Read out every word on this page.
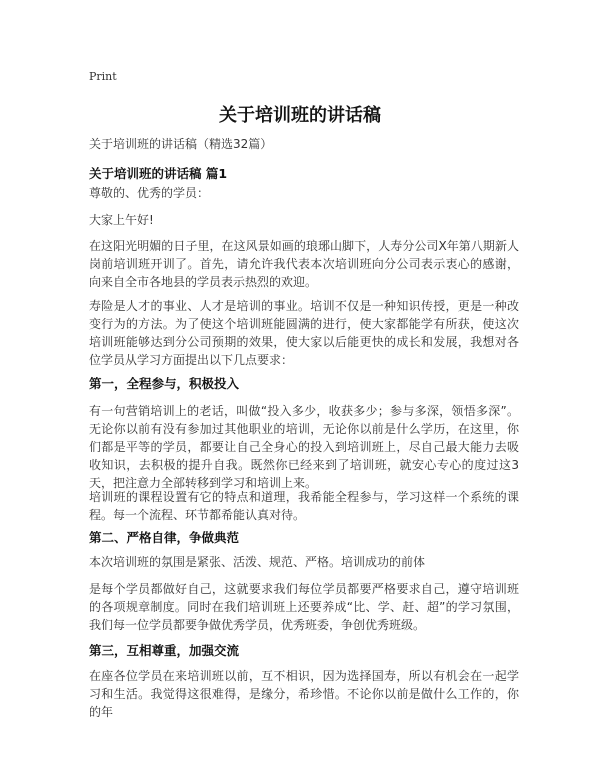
Print
关于培训班的讲话稿
关于培训班的讲话稿（精选32篇）
关于培训班的讲话稿 篇1

尊敬的、优秀的学员：

大家上午好!

在这阳光明媚的日子里，在这风景如画的琅琊山脚下，人寿分公司X年第八期新人岗前培训班开训了。首先，请允许我代表本次培训班向分公司表示衷心的感谢，向来自全市各地县的学员表示热烈的欢迎。

寿险是人才的事业、人才是培训的事业。培训不仅是一种知识传授，更是一种改变行为的方法。为了使这个培训班能圆满的进行，使大家都能学有所获，使这次培训班能够达到分公司预期的效果，使大家以后能更快的成长和发展，我想对各位学员从学习方面提出以下几点要求：

第一，全程参与，积极投入

有一句营销培训上的老话，叫做“投入多少，收获多少；参与多深，领悟多深”。无论你以前有没有参加过其他职业的培训，无论你以前是什么学历，在这里，你们都是平等的学员，都要让自己全身心的投入到培训班上，尽自己最大能力去吸收知识，去积极的提升自我。既然你已经来到了培训班，就安心专心的度过这3天，把注意力全部转移到学习和培训上来。

培训班的课程设置有它的特点和道理，我希能全程参与，学习这样一个系统的课程。每一个流程、环节都希能认真对待。

第二、严格自律，争做典范

本次培训班的氛围是紧张、活泼、规范、严格。培训成功的前体

是每个学员都做好自己，这就要求我们每位学员都要严格要求自己，遵守培训班的各项规章制度。同时在我们培训班上还要养成“比、学、赶、超”的学习氛围，我们每一位学员都要争做优秀学员，优秀班委，争创优秀班级。

第三，互相尊重，加强交流

在座各位学员在来培训班以前，互不相识，因为选择国寿，所以有机会在一起学习和生活。我觉得这很难得，是缘分，希珍惜。不论你以前是做什么工作的，你的年
